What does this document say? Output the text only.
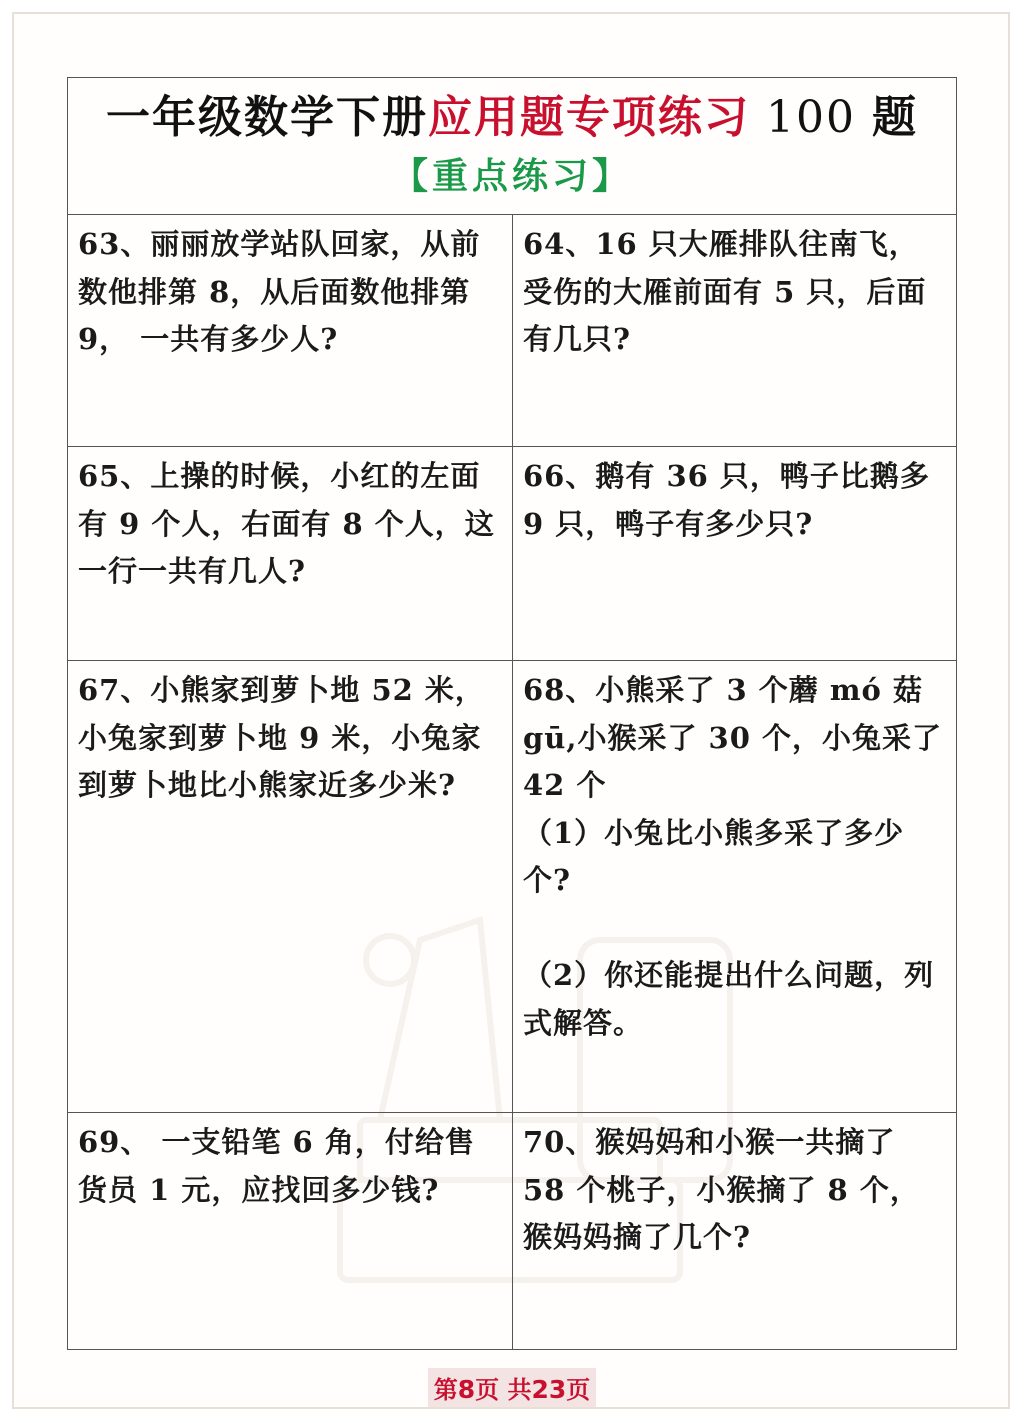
一年级数学下册应用题专项练习 100 题
【重点练习】
63、丽丽放学站队回家，从前数他排第 8，从后面数他排第 9， 一共有多少人?
64、16 只大雁排队往南飞，受伤的大雁前面有 5 只，后面有几只?
65、上操的时候，小红的左面有 9 个人，右面有 8 个人，这一行一共有几人?
66、鹅有 36 只，鸭子比鹅多 9 只，鸭子有多少只?
67、小熊家到萝卜地 52 米，小兔家到萝卜地 9 米，小兔家到萝卜地比小熊家近多少米?
68、小熊采了 3 个蘑 mó 菇 gū,小猴采了 30 个，小兔采了 42 个
（1）小兔比小熊多采了多少个?

（2）你还能提出什么问题，列式解答。
69、 一支铅笔 6 角，付给售货员 1 元，应找回多少钱?
70、猴妈妈和小猴一共摘了 58 个桃子，小猴摘了 8 个，猴妈妈摘了几个?
第8页 共23页
